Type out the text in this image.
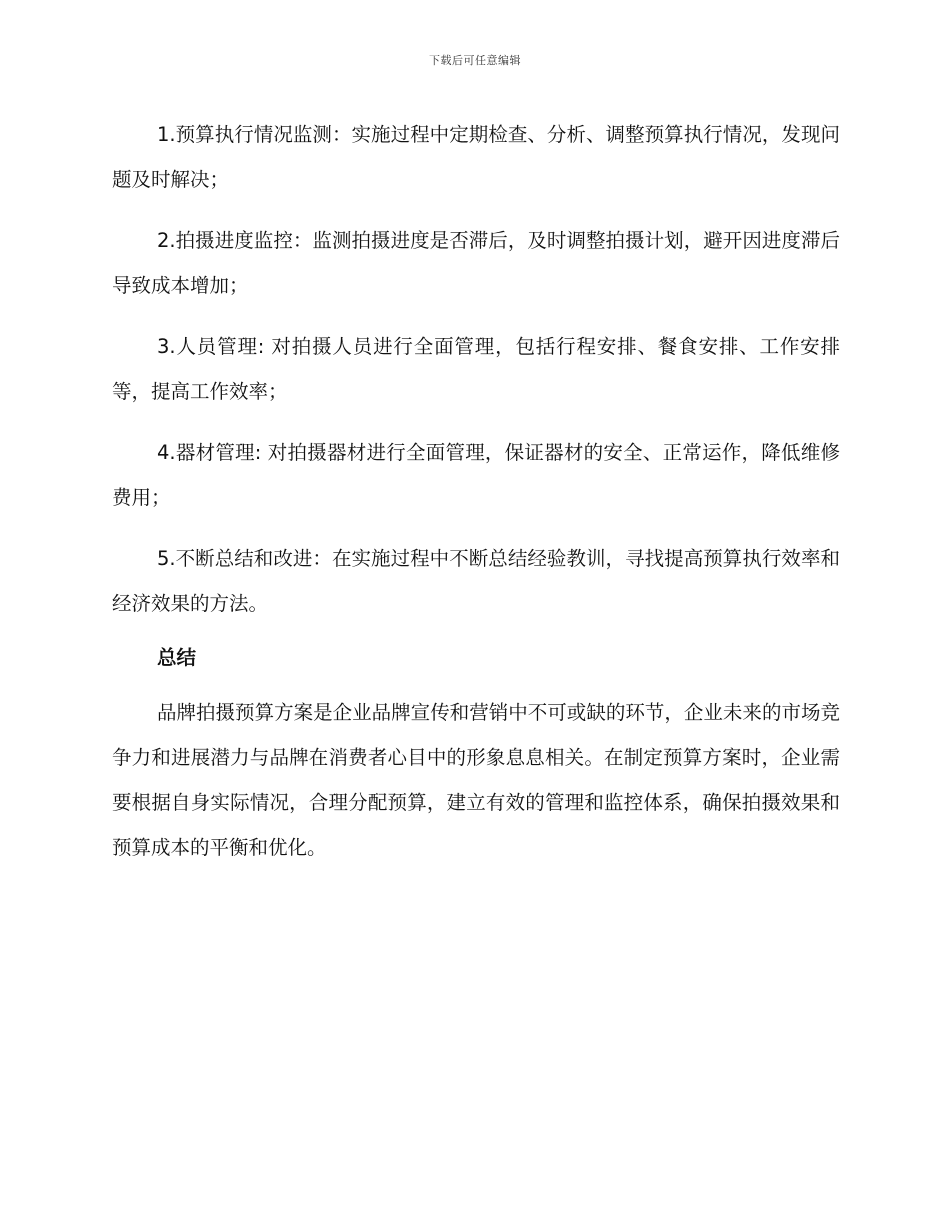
下载后可任意编辑

1.预算执行情况监测：实施过程中定期检查、分析、调整预算执行情况，发现问题及时解决；

2.拍摄进度监控：监测拍摄进度是否滞后，及时调整拍摄计划，避开因进度滞后导致成本增加；

3.人员管理: 对拍摄人员进行全面管理，包括行程安排、餐食安排、工作安排等，提高工作效率；

4.器材管理: 对拍摄器材进行全面管理，保证器材的安全、正常运作，降低维修费用；

5.不断总结和改进：在实施过程中不断总结经验教训，寻找提高预算执行效率和经济效果的方法。

总结

品牌拍摄预算方案是企业品牌宣传和营销中不可或缺的环节，企业未来的市场竞争力和进展潜力与品牌在消费者心目中的形象息息相关。在制定预算方案时，企业需要根据自身实际情况，合理分配预算，建立有效的管理和监控体系，确保拍摄效果和预算成本的平衡和优化。
